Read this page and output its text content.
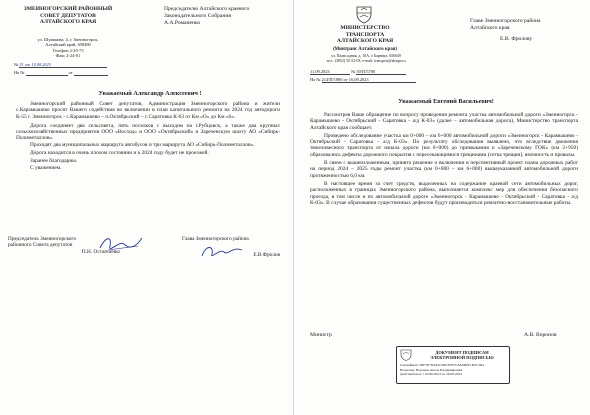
ЗМЕИНОГОРСКИЙ РАЙОННЫЙ
СОВЕТ ДЕПУТАТОВ
АЛТАЙСКОГО КРАЯ
ул. Шумакова, 4, г. Змеиногорск,
Алтайский край, 658480
Телефон 2-20-73
Факс 2-24-01
№ 51 от 14.08.2023
На №	от
Председателю Алтайского краевого
Законодательного Собрания
А.А.Романенко
Уважаемый Александр Алексеевич !
Змеиногорский районный Совет депутатов, Администрация Змеиногорского района и жители с.Карамышево просят Вашего содействия во включении в план капитального ремонта на 2024 год автодороги К-55 г. Змеиногорск - с.Карамышево – п.Октябрьский – с.Саратовка К-03 от Км «О» до Км «6».
Дорога соединяет два сельсовета, пять поселков с выходом на г.Рубцовск, а также два крупных сельскохозяйственных предприятия ООО «Восход» и ООО «Октябрьский» и Зареченскую шахту АО «Сибирь-Полиметаллов».
Проходят два муниципальных маршрута автобусов и три маршрута АО «Сибирь-Полиметаллов».
Дорога находится в очень плохом состоянии и к 2024 году будет не проезжей.
Заранее благодарны.
С уважением.
Председатель Змеиногорского
районного Совета депутатов
П.Н. Остапченко
Глава Змеиногорского района
Е.В.Фролов
МИНИСТЕРСТВО
ТРАНСПОРТА
АЛТАЙСКОГО КРАЯ
(Минтранс Алтайского края)
ул. Палисадная, д. 10А, г. Барнаул, 656049
тел.: (3852) 35-52-03, e-mail: transport@alregn.ru
11.09.2023	№ 50/П/5780
На № 214/П/1886 от 16.08.2023
Главе Змеиногорского района
Алтайского края
Е.В. Фролову
Уважаемый Евгений Васильевич!
Рассмотрев Ваше обращение по вопросу проведения ремонта участка автомобильной дороги «Змеиногорск - Карамышево - Октябрьский - Саратовка - а/д К-03» (далее – автомобильная дорога), Министерство транспорта Алтайского края сообщает.
Проведено обследование участка км 0+000 – км 6+000 автомобильной дороги «Змеиногорск - Карамышево - Октябрьский - Саратовка - а/д К-03». По результату обследования выявлено, что вследствие движения тяжеловесного транспорта от начала дороги (км 0+000) до примыкания к «Зареченскому ГОК» (км 2+950) образовались дефекты дорожного покрытия с пересекающимися трещинами (сетка трещин), ямочность и провалы.
В связи с вышеизложенным, принято решение о включении в перспективный проект плана дорожных работ на период 2024 – 2025 годы ремонт участка (км 0+000 – км 6+000) вышеуказанной автомобильной дороги протяженностью 6,0 км.
В настоящее время за счет средств, выделенных на содержание краевой сети автомобильных дорог, расположенных в границах Змеиногорского района, выполняется комплекс мер для обеспечения безопасного проезда, в том числе и по автомобильной дороге «Змеиногорск - Карамышево - Октябрьский - Саратовка - а/д К-03». В случае образования существенных дефектов будут производиться ремонтно-восстановительные работы.
Министр	А.В. Воронов
ДОКУМЕНТ ПОДПИСАН
ЭЛЕКТРОННОЙ ПОДПИСЬЮ
Сертификат: 00F5E7D4A5C0B1E2E7C8A9D0F1B2C3D4
Владелец: Воронов Антон Владимирович
Действителен: с 03.06.2023 по 26.08.2024
